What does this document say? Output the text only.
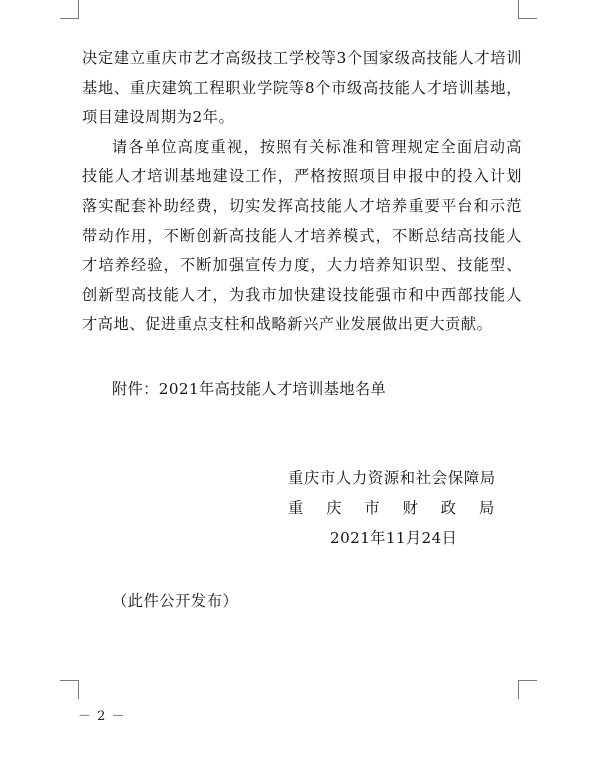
决定建立重庆市艺才高级技工学校等3个国家级高技能人才培训基地、重庆建筑工程职业学院等8个市级高技能人才培训基地，项目建设周期为2年。

请各单位高度重视，按照有关标准和管理规定全面启动高技能人才培训基地建设工作，严格按照项目申报中的投入计划落实配套补助经费，切实发挥高技能人才培养重要平台和示范带动作用，不断创新高技能人才培养模式，不断总结高技能人才培养经验，不断加强宣传力度，大力培养知识型、技能型、创新型高技能人才，为我市加快建设技能强市和中西部技能人才高地、促进重点支柱和战略新兴产业发展做出更大贡献。

附件：2021年高技能人才培训基地名单
重庆市人力资源和社会保障局
重庆市财政局
2021年11月24日
（此件公开发布）
－ 2 －
